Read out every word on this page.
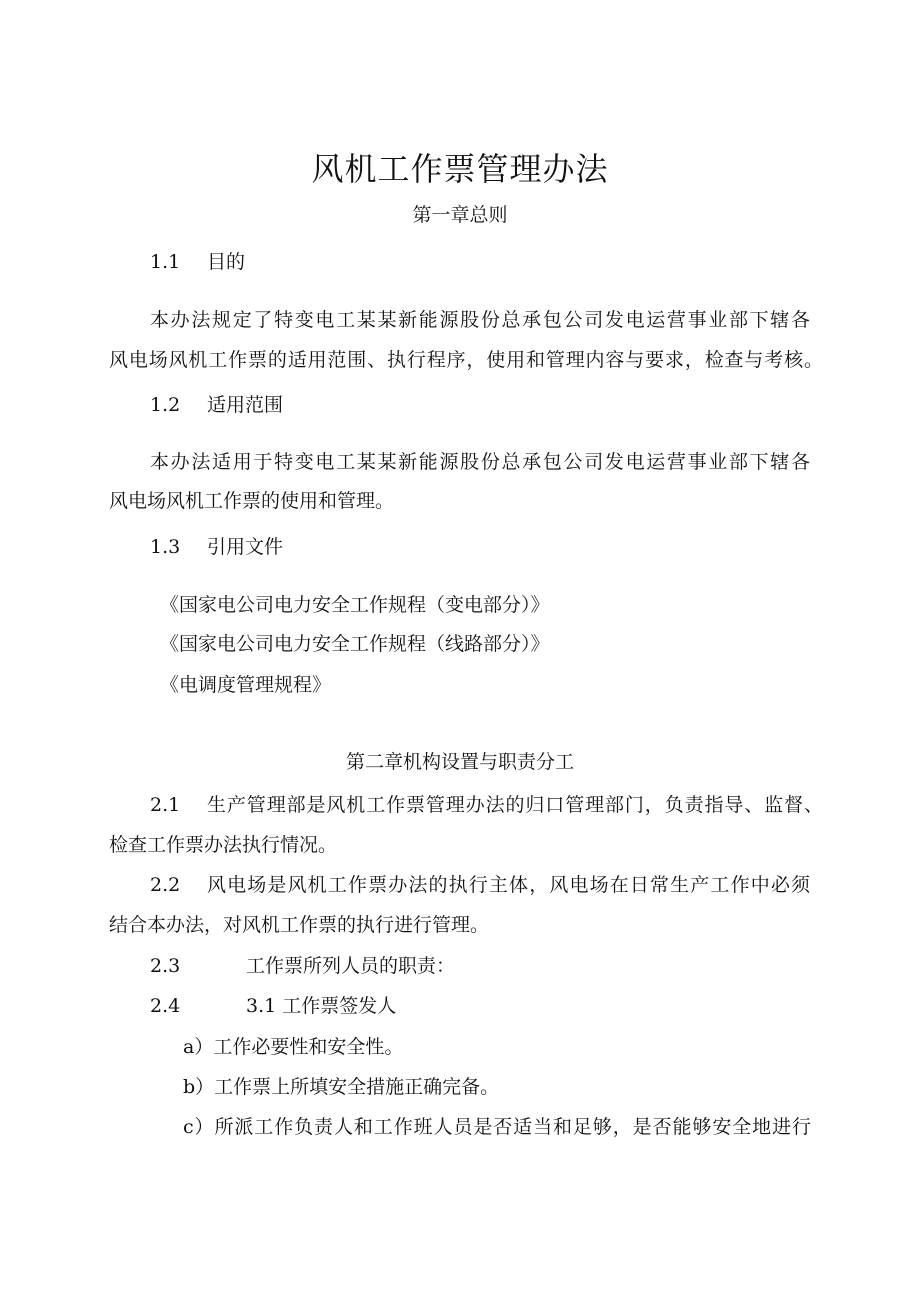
风机工作票管理办法
第一章总则
1.1 目的
本办法规定了特变电工某某新能源股份总承包公司发电运营事业部下辖各
风电场风机工作票的适用范围、执行程序，使用和管理内容与要求，检查与考核。
1.2 适用范围
本办法适用于特变电工某某新能源股份总承包公司发电运营事业部下辖各
风电场风机工作票的使用和管理。
1.3 引用文件
《国家电公司电力安全工作规程（变电部分）》
《国家电公司电力安全工作规程（线路部分）》
《电调度管理规程》
第二章机构设置与职责分工
2.1 生产管理部是风机工作票管理办法的归口管理部门，负责指导、监督、
检查工作票办法执行情况。
2.2 风电场是风机工作票办法的执行主体，风电场在日常生产工作中必须
结合本办法，对风机工作票的执行进行管理。
2.3	工作票所列人员的职责：
2.4	3.1 工作票签发人
a）工作必要性和安全性。
b）工作票上所填安全措施正确完备。
c）所派工作负责人和工作班人员是否适当和足够，是否能够安全地进行
